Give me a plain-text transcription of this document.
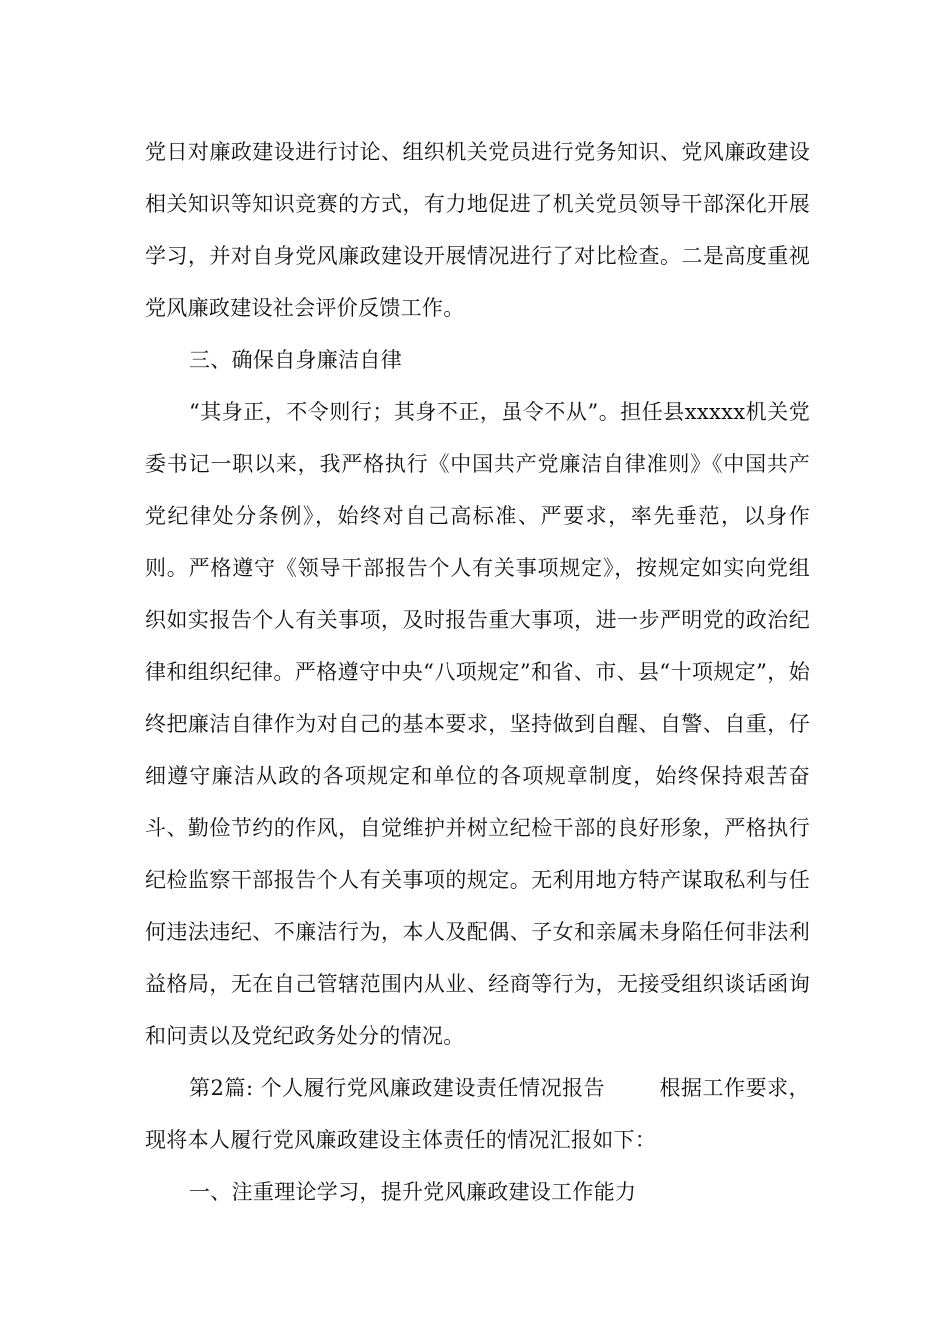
党日对廉政建设进行讨论、组织机关党员进行党务知识、党风廉政建设相关知识等知识竞赛的方式，有力地促进了机关党员领导干部深化开展学习，并对自身党风廉政建设开展情况进行了对比检查。二是高度重视党风廉政建设社会评价反馈工作。

三、确保自身廉洁自律

“其身正，不令则行；其身不正，虽令不从”。担任县xxxxx机关党委书记一职以来，我严格执行《中国共产党廉洁自律准则》《中国共产党纪律处分条例》，始终对自己高标准、严要求，率先垂范，以身作则。严格遵守《领导干部报告个人有关事项规定》，按规定如实向党组织如实报告个人有关事项，及时报告重大事项，进一步严明党的政治纪律和组织纪律。严格遵守中央“八项规定”和省、市、县“十项规定”，始终把廉洁自律作为对自己的基本要求，坚持做到自醒、自警、自重，仔细遵守廉洁从政的各项规定和单位的各项规章制度，始终保持艰苦奋斗、勤俭节约的作风，自觉维护并树立纪检干部的良好形象，严格执行纪检监察干部报告个人有关事项的规定。无利用地方特产谋取私利与任何违法违纪、不廉洁行为，本人及配偶、子女和亲属未身陷任何非法利益格局，无在自己管辖范围内从业、经商等行为，无接受组织谈话函询和问责以及党纪政务处分的情况。

第2篇: 个人履行党风廉政建设责任情况报告	根据工作要求，现将本人履行党风廉政建设主体责任的情况汇报如下：

一、注重理论学习，提升党风廉政建设工作能力
